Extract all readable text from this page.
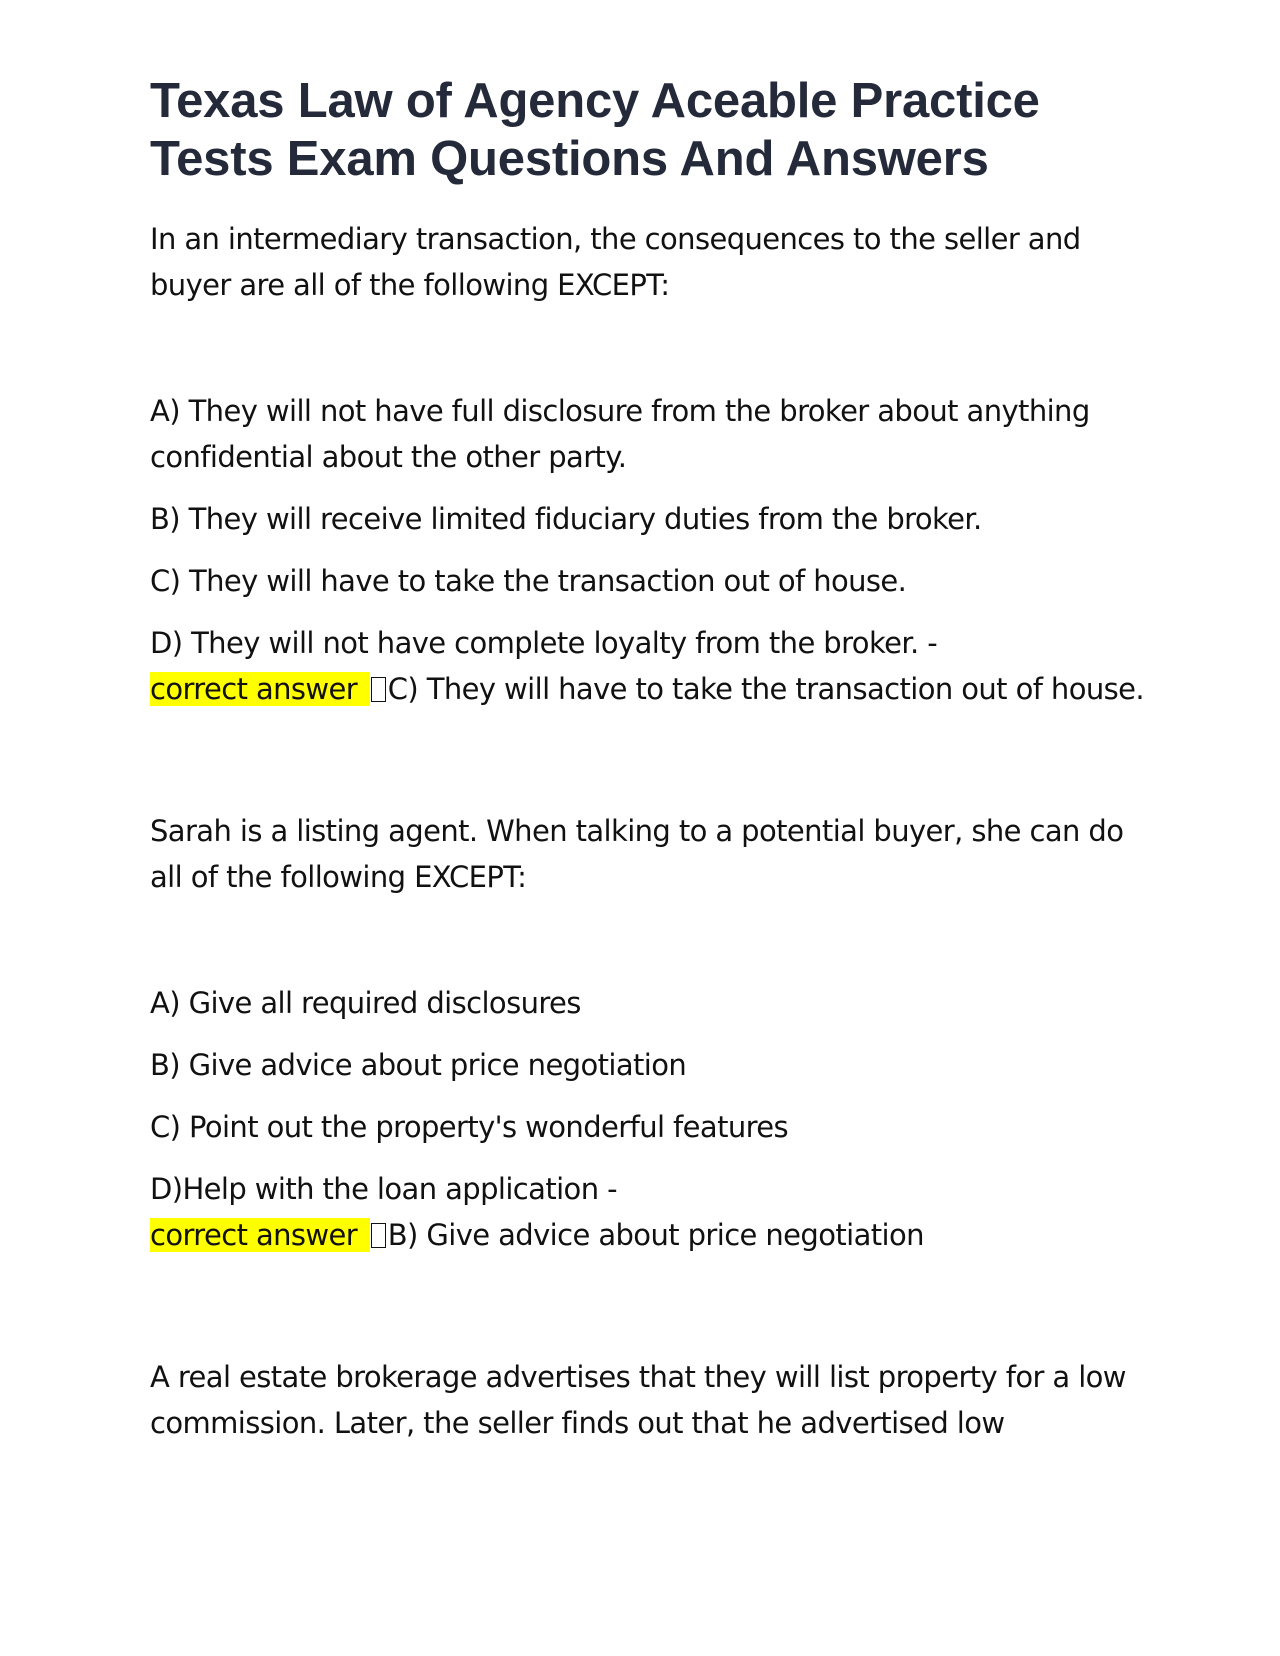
Texas Law of Agency Aceable Practice Tests Exam Questions And Answers
In an intermediary transaction, the consequences to the seller and buyer are all of the following EXCEPT:
A) They will not have full disclosure from the broker about anything confidential about the other party.
B) They will receive limited fiduciary duties from the broker.
C) They will have to take the transaction out of house.
D) They will not have complete loyalty from the broker. -
correct answer C) They will have to take the transaction out of house.
Sarah is a listing agent. When talking to a potential buyer, she can do all of the following EXCEPT:
A) Give all required disclosures
B) Give advice about price negotiation
C) Point out the property's wonderful features
D)Help with the loan application -
correct answer B) Give advice about price negotiation
A real estate brokerage advertises that they will list property for a low commission. Later, the seller finds out that he advertised low
